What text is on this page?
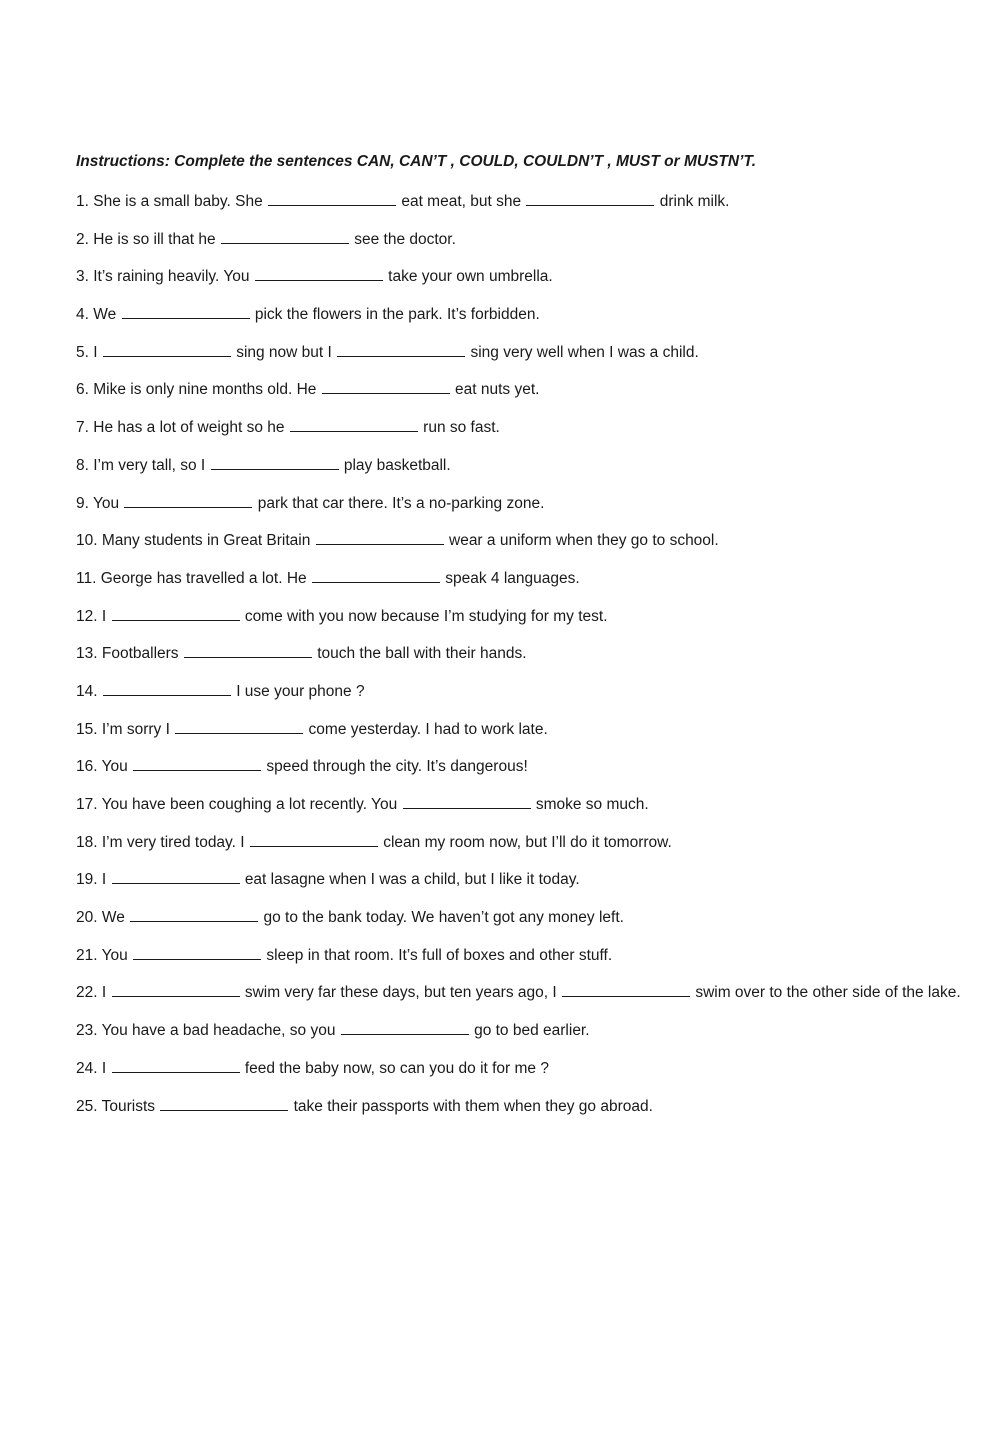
Instructions: Complete the sentences CAN, CAN’T , COULD, COULDN’T , MUST or MUSTN’T.
1. She is a small baby. She	eat meat, but she	drink milk.
2. He is so ill that he	see the doctor.
3. It’s raining heavily. You	take your own umbrella.
4. We	pick the flowers in the park. It’s forbidden.
5. I	sing now but I	sing very well when I was a child.
6. Mike is only nine months old. He	eat nuts yet.
7. He has a lot of weight so he	run so fast.
8. I’m very tall, so I	play basketball.
9. You	park that car there. It’s a no-parking zone.
10. Many students in Great Britain	wear a uniform when they go to school.
11. George has travelled a lot. He	speak 4 languages.
12. I	come with you now because I’m studying for my test.
13. Footballers	touch the ball with their hands.
14.	I use your phone ?
15. I’m sorry I	come yesterday. I had to work late.
16. You	speed through the city. It’s dangerous!
17. You have been coughing a lot recently. You	smoke so much.
18. I’m very tired today. I	clean my room now, but I’ll do it tomorrow.
19. I	eat lasagne when I was a child, but I like it today.
20. We	go to the bank today. We haven’t got any money left.
21. You	sleep in that room. It’s full of boxes and other stuff.
22. I	swim very far these days, but ten years ago, I	swim over to the other side of the lake.
23. You have a bad headache, so you	go to bed earlier.
24. I	feed the baby now, so can you do it for me ?
25. Tourists	take their passports with them when they go abroad.
